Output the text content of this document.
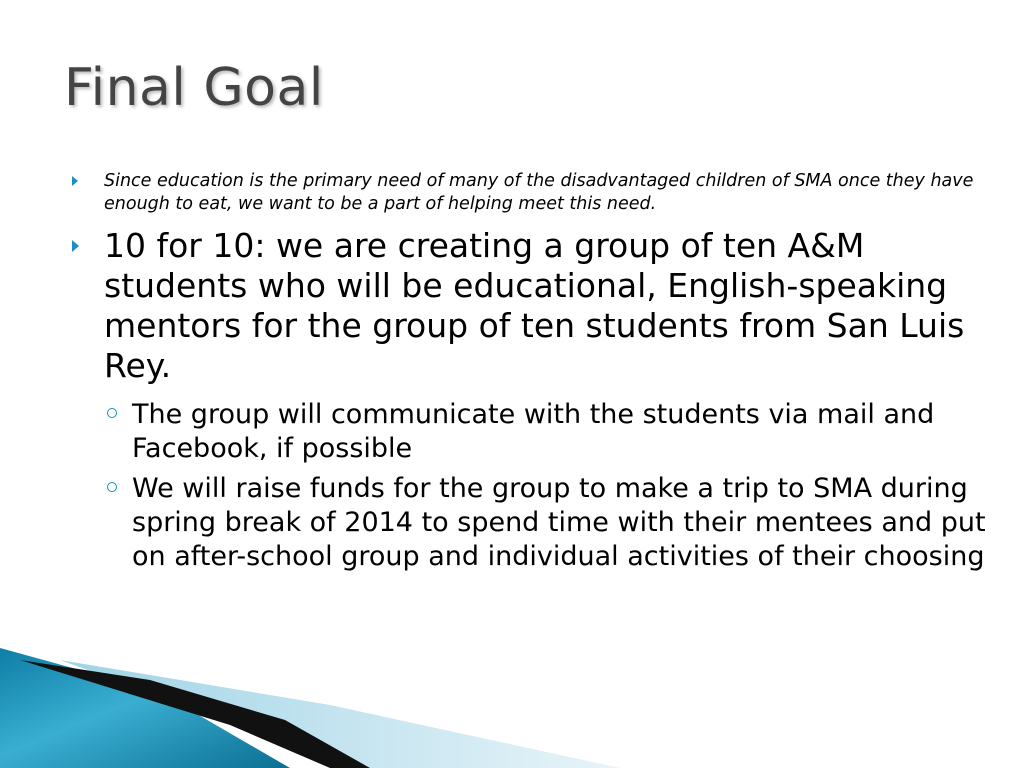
Final Goal
Since education is the primary need of many of the disadvantaged children of SMA once they have enough to eat, we want to be a part of helping meet this need.
10 for 10: we are creating a group of ten A&M students who will be educational, English-speaking mentors for the group of ten students from San Luis Rey.
The group will communicate with the students via mail and Facebook, if possible
We will raise funds for the group to make a trip to SMA during spring break of 2014 to spend time with their mentees and put on after-school group and individual activities of their choosing
